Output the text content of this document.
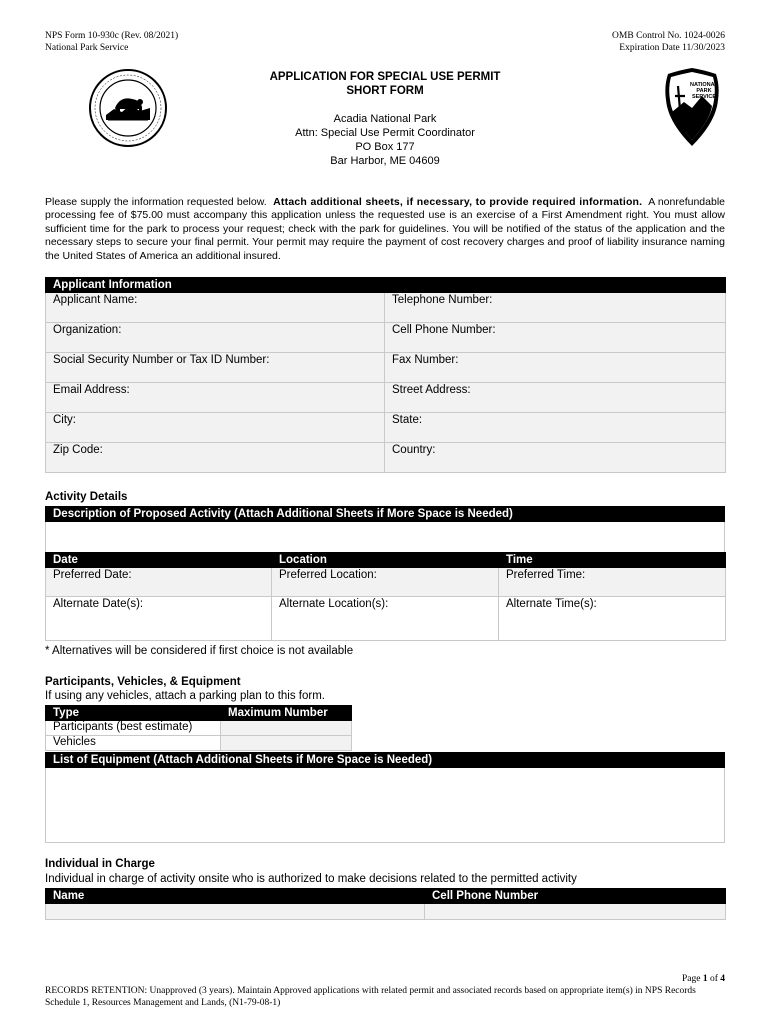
NPS Form 10-930c (Rev. 08/2021)
National Park Service
OMB Control No. 1024-0026
Expiration Date 11/30/2023
NATIONAL
PARK
SERVICE
APPLICATION FOR SPECIAL USE PERMIT
SHORT FORM
Acadia National Park
Attn: Special Use Permit Coordinator
PO Box 177
Bar Harbor, ME 04609
Please supply the information requested below. Attach additional sheets, if necessary, to provide required information. A nonrefundable processing fee of $75.00 must accompany this application unless the requested use is an exercise of a First Amendment right. You must allow sufficient time for the park to process your request; check with the park for guidelines. You will be notified of the status of the application and the necessary steps to secure your final permit. Your permit may require the payment of cost recovery charges and proof of liability insurance naming the United States of America an additional insured.
Applicant Information	
Applicant Name:	Telephone Number:
Organization:	Cell Phone Number:
Social Security Number or Tax ID Number:	Fax Number:
Email Address:	Street Address:
City:	State:
Zip Code:	Country:
Activity Details
Description of Proposed Activity (Attach Additional Sheets if More Space is Needed)

Date	Location	Time
Preferred Date:	Preferred Location:	Preferred Time:
Alternate Date(s):	Alternate Location(s):	Alternate Time(s):
* Alternatives will be considered if first choice is not available
Participants, Vehicles, & Equipment
If using any vehicles, attach a parking plan to this form.
Type	Maximum Number
Participants (best estimate)	
Vehicles	
List of Equipment (Attach Additional Sheets if More Space is Needed)

Individual in Charge
Individual in charge of activity onsite who is authorized to make decisions related to the permitted activity
Name	Cell Phone Number

Page 1 of 4
RECORDS RETENTION: Unapproved (3 years). Maintain Approved applications with related permit and associated records based on appropriate item(s) in NPS Records Schedule 1, Resources Management and Lands, (N1-79-08-1)
